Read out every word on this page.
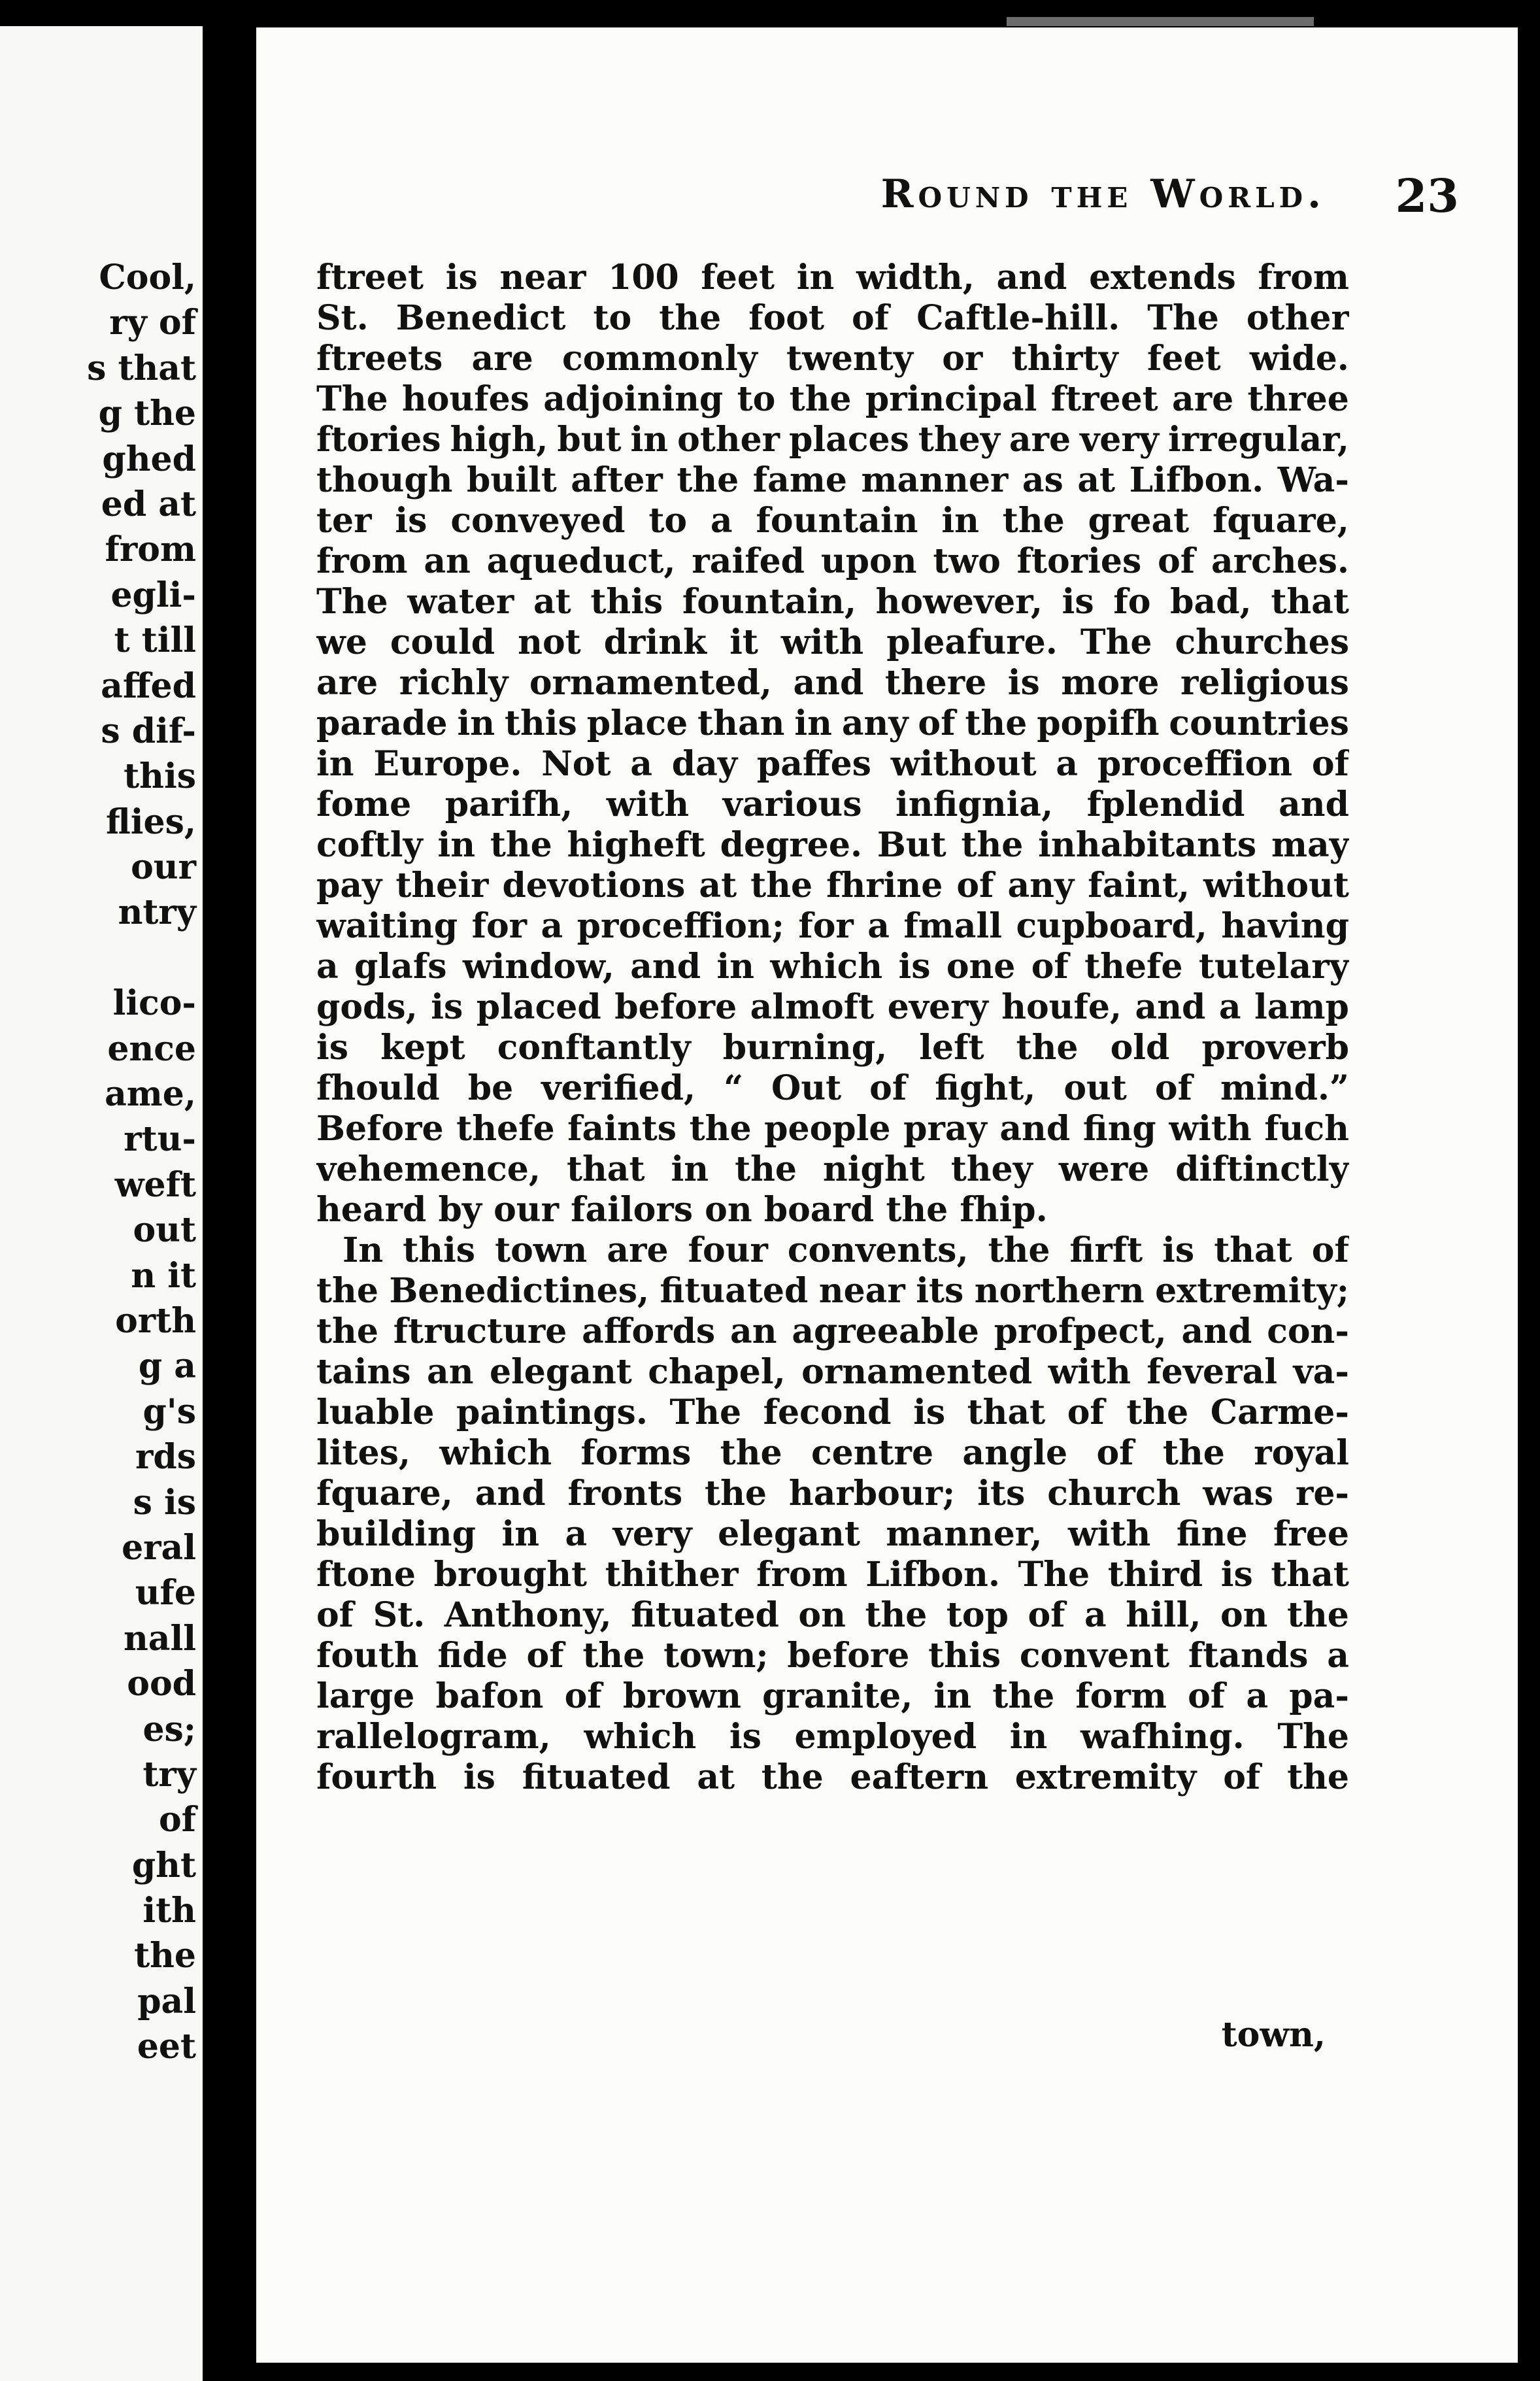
Cool,
ry of
s that
g the
ghed
ed at
from
egli-
t till
affed
s dif-
this
flies,
our
ntry
lico-
ence
ame,
rtu-
weft
out
n it
orth
g a
g's
rds
s is
eral
ufe
nall
ood
es;
try
of
ght
ith
the
pal
eet
Round the World.	23
ftreet is near 100 feet in width, and extends from
St. Benedict to the foot of Caftle-hill. The other
ftreets are commonly twenty or thirty feet wide.
The houfes adjoining to the principal ftreet are three
ftories high, but in other places they are very irregular,
though built after the fame manner as at Lifbon. Wa-
ter is conveyed to a fountain in the great fquare,
from an aqueduct, raifed upon two ftories of arches.
The water at this fountain, however, is fo bad, that
we could not drink it with pleafure. The churches
are richly ornamented, and there is more religious
parade in this place than in any of the popifh countries
in Europe. Not a day paffes without a proceffion of
fome parifh, with various infignia, fplendid and
coftly in the higheft degree. But the inhabitants may
pay their devotions at the fhrine of any faint, without
waiting for a proceffion; for a fmall cupboard, having
a glafs window, and in which is one of thefe tutelary
gods, is placed before almoft every houfe, and a lamp
is kept conftantly burning, left the old proverb
fhould be verified, “ Out of fight, out of mind.”
Before thefe faints the people pray and fing with fuch
vehemence, that in the night they were diftinctly
heard by our failors on board the fhip.
In this town are four convents, the firft is that of
the Benedictines, fituated near its northern extremity;
the ftructure affords an agreeable profpect, and con-
tains an elegant chapel, ornamented with feveral va-
luable paintings. The fecond is that of the Carme-
lites, which forms the centre angle of the royal
fquare, and fronts the harbour; its church was re-
building in a very elegant manner, with fine free
ftone brought thither from Lifbon. The third is that
of St. Anthony, fituated on the top of a hill, on the
fouth fide of the town; before this convent ftands a
large bafon of brown granite, in the form of a pa-
rallelogram, which is employed in wafhing. The
fourth is fituated at the eaftern extremity of the
town,
